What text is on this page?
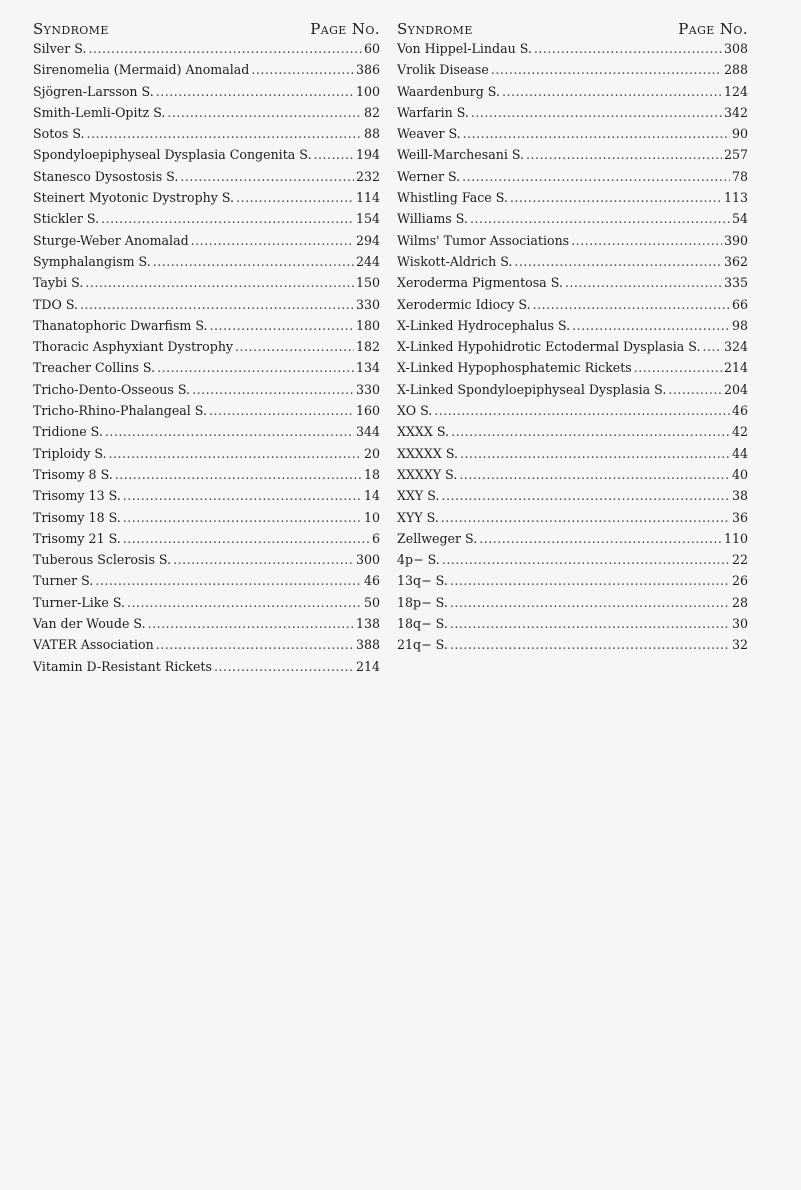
Syndrome	Page No.
Silver S. .....	60
Sirenomelia (Mermaid) Anomalad .....	386
Sjögren-Larsson S. .....	100
Smith-Lemli-Opitz S. .....	82
Sotos S. .....	88
Spondyloepiphyseal Dysplasia Congenita S. .....	194
Stanesco Dysostosis S. .....	232
Steinert Myotonic Dystrophy S. .....	114
Stickler S. .....	154
Sturge-Weber Anomalad .....	294
Symphalangism S. .....	244
Taybi S. .....	150
TDO S. .....	330
Thanatophoric Dwarfism S. .....	180
Thoracic Asphyxiant Dystrophy .....	182
Treacher Collins S. .....	134
Tricho-Dento-Osseous S. .....	330
Tricho-Rhino-Phalangeal S. .....	160
Tridione S. .....	344
Triploidy S. .....	20
Trisomy 8 S. .....	18
Trisomy 13 S. .....	14
Trisomy 18 S. .....	10
Trisomy 21 S. .....	6
Tuberous Sclerosis S. .....	300
Turner S. .....	46
Turner-Like S. .....	50
Van der Woude S. .....	138
VATER Association .....	388
Vitamin D-Resistant Rickets .....	214
Syndrome	Page No.
Von Hippel-Lindau S. .....	308
Vrolik Disease .....	288
Waardenburg S. .....	124
Warfarin S. .....	342
Weaver S. .....	90
Weill-Marchesani S. .....	257
Werner S. .....	78
Whistling Face S. .....	113
Williams S. .....	54
Wilms' Tumor Associations .....	390
Wiskott-Aldrich S. .....	362
Xeroderma Pigmentosa S. .....	335
Xerodermic Idiocy S. .....	66
X-Linked Hydrocephalus S. .....	98
X-Linked Hypohidrotic Ectodermal Dysplasia S. ..... 324
X-Linked Hypophosphatemic Rickets .....	214
X-Linked Spondyloepiphyseal Dysplasia S. .....	204
XO S. .....	46
XXXX S. .....	42
XXXXX S. .....	44
XXXXY S. .....	40
XXY S. .....	38
XYY S. .....	36
Zellweger S. .....	110
4p− S. .....	22
13q− S. .....	26
18p− S. .....	28
18q− S. .....	30
21q− S. .....	32
